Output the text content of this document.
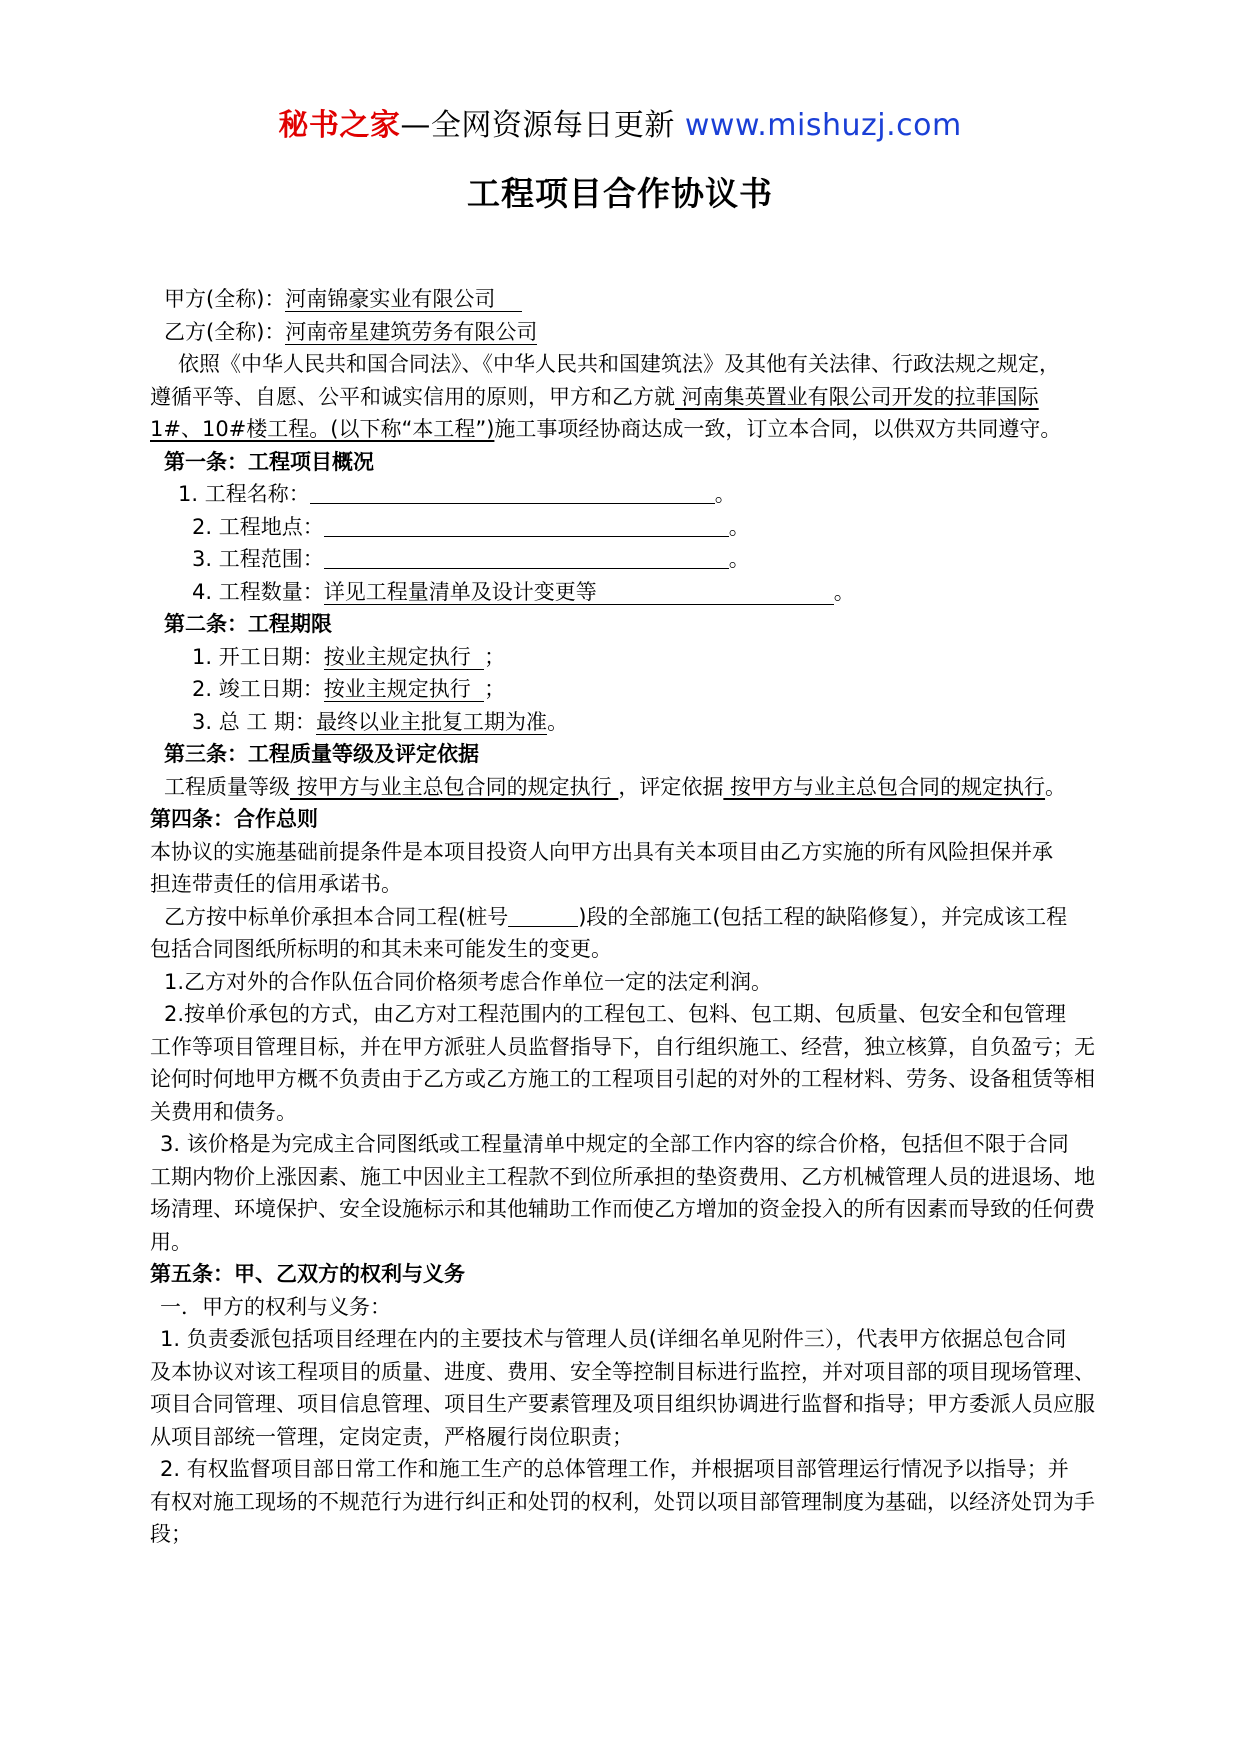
秘书之家—全网资源每日更新 www.mishuzj.com
工程项目合作协议书
甲方(全称)：河南锦豪实业有限公司
乙方(全称)：河南帝星建筑劳务有限公司
依照《中华人民共和国合同法》、《中华人民共和国建筑法》及其他有关法律、行政法规之规定，
遵循平等、自愿、公平和诚实信用的原则，甲方和乙方就 河南集英置业有限公司开发的拉菲国际
1#、10#楼工程。(以下称“本工程”)施工事项经协商达成一致，订立本合同，以供双方共同遵守。
第一条：工程项目概况
1. 工程名称：	。
2. 工程地点：	。
3. 工程范围：	。
4. 工程数量：详见工程量清单及设计变更等	。
第二条：工程期限
1. 开工日期：按业主规定执行 ；
2. 竣工日期：按业主规定执行 ；
3. 总 工 期：最终以业主批复工期为准。
第三条：工程质量等级及评定依据
工程质量等级 按甲方与业主总包合同的规定执行 ，评定依据 按甲方与业主总包合同的规定执行。
第四条：合作总则
本协议的实施基础前提条件是本项目投资人向甲方出具有关本项目由乙方实施的所有风险担保并承
担连带责任的信用承诺书。
乙方按中标单价承担本合同工程(桩号	)段的全部施工(包括工程的缺陷修复），并完成该工程
包括合同图纸所标明的和其未来可能发生的变更。
1.乙方对外的合作队伍合同价格须考虑合作单位一定的法定利润。
2.按单价承包的方式，由乙方对工程范围内的工程包工、包料、包工期、包质量、包安全和包管理
工作等项目管理目标，并在甲方派驻人员监督指导下，自行组织施工、经营，独立核算，自负盈亏；无
论何时何地甲方概不负责由于乙方或乙方施工的工程项目引起的对外的工程材料、劳务、设备租赁等相
关费用和债务。
3. 该价格是为完成主合同图纸或工程量清单中规定的全部工作内容的综合价格，包括但不限于合同
工期内物价上涨因素、施工中因业主工程款不到位所承担的垫资费用、乙方机械管理人员的进退场、地
场清理、环境保护、安全设施标示和其他辅助工作而使乙方增加的资金投入的所有因素而导致的任何费
用。
第五条：甲、乙双方的权利与义务
一．甲方的权利与义务：
1. 负责委派包括项目经理在内的主要技术与管理人员(详细名单见附件三），代表甲方依据总包合同
及本协议对该工程项目的质量、进度、费用、安全等控制目标进行监控，并对项目部的项目现场管理、
项目合同管理、项目信息管理、项目生产要素管理及项目组织协调进行监督和指导；甲方委派人员应服
从项目部统一管理，定岗定责，严格履行岗位职责；
2. 有权监督项目部日常工作和施工生产的总体管理工作，并根据项目部管理运行情况予以指导；并
有权对施工现场的不规范行为进行纠正和处罚的权利，处罚以项目部管理制度为基础，以经济处罚为手
段；
